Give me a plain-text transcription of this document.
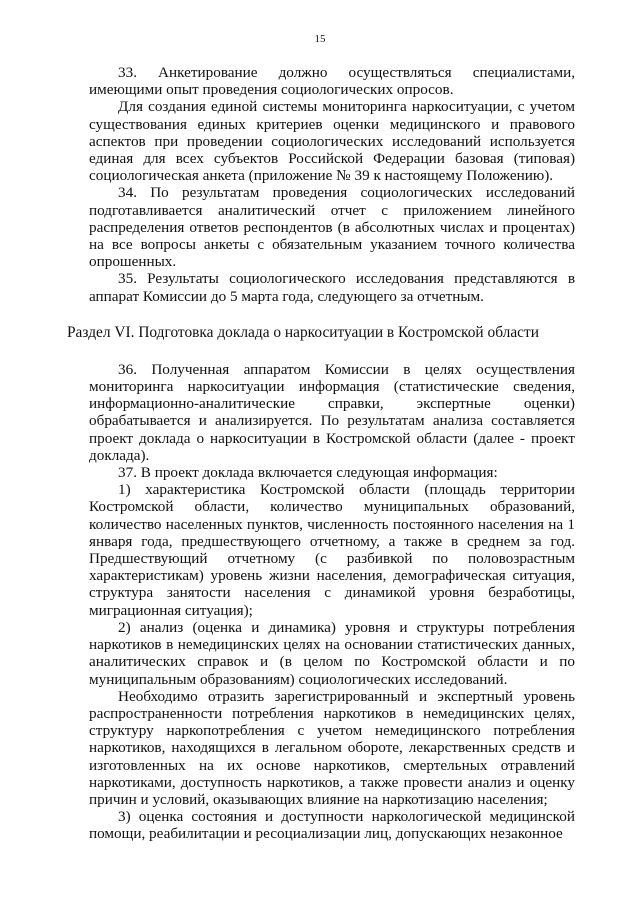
15

33. Анкетирование должно осуществляться специалистами, имеющими опыт проведения социологических опросов.

Для создания единой системы мониторинга наркоситуации, с учетом существования единых критериев оценки медицинского и правового аспектов при проведении социологических исследований используется единая для всех субъектов Российской Федерации базовая (типовая) социологическая анкета (приложение № 39 к настоящему Положению).

34. По результатам проведения социологических исследований подготавливается аналитический отчет с приложением линейного распределения ответов респондентов (в абсолютных числах и процентах) на все вопросы анкеты с обязательным указанием точного количества опрошенных.

35. Результаты социологического исследования представляются в аппарат Комиссии до 5 марта года, следующего за отчетным.

Раздел VI. Подготовка доклада о наркоситуации в Костромской области

36. Полученная аппаратом Комиссии в целях осуществления мониторинга наркоситуации информация (статистические сведения, информационно-аналитические справки, экспертные оценки) обрабатывается и анализируется. По результатам анализа составляется проект доклада о наркоситуации в Костромской области (далее - проект доклада).

37. В проект доклада включается следующая информация:

1) характеристика Костромской области (площадь территории Костромской области, количество муниципальных образований, количество населенных пунктов, численность постоянного населения на 1 января года, предшествующего отчетному, а также в среднем за год. Предшествующий отчетному (с разбивкой по половозрастным характеристикам) уровень жизни населения, демографическая ситуация, структура занятости населения с динамикой уровня безработицы, миграционная ситуация);

2) анализ (оценка и динамика) уровня и структуры потребления наркотиков в немедицинских целях на основании статистических данных, аналитических справок и (в целом по Костромской области и по муниципальным образованиям) социологических исследований.

Необходимо отразить зарегистрированный и экспертный уровень распространенности потребления наркотиков в немедицинских целях, структуру наркопотребления с учетом немедицинского потребления наркотиков, находящихся в легальном обороте, лекарственных средств и изготовленных на их основе наркотиков, смертельных отравлений наркотиками, доступность наркотиков, а также провести анализ и оценку причин и условий, оказывающих влияние на наркотизацию населения;

3) оценка состояния и доступности наркологической медицинской помощи, реабилитации и ресоциализации лиц, допускающих незаконное
